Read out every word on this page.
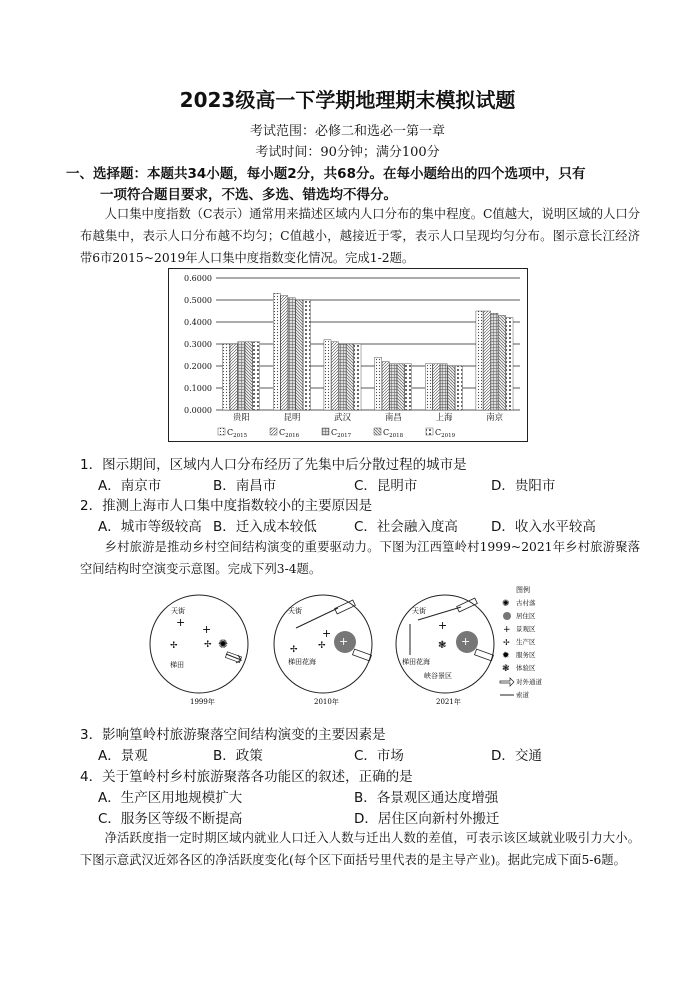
2023级高一下学期地理期末模拟试题
考试范围：必修二和选必一第一章
考试时间：90分钟；满分100分
一、选择题：本题共34小题，每小题2分，共68分。在每小题给出的四个选项中，只有
一项符合题目要求，不选、多选、错选均不得分。
人口集中度指数（C表示）通常用来描述区域内人口分布的集中程度。C值越大，说明区域的人口分布越集中，表示人口分布越不均匀；C值越小，越接近于零，表示人口呈现均匀分布。图示意长江经济带6市2015~2019年人口集中度指数变化情况。完成1-2题。
0.6000
0.5000
0.4000
0.3000
0.2000
0.1000
0.0000
贵阳	昆明	武汉	南昌	上海	南京
$C_{2015}$	$C_{2016}$	$C_{2017}$	$C_{2018}$	$C_{2019}$
1．图示期间，区域内人口分布经历了先集中后分散过程的城市是
A．南京市	B．南昌市	C．昆明市	D．贵阳市
2．推测上海市人口集中度指数较小的主要原因是
A．城市等级较高 B．迁入成本较低	C．社会融入度高 D．收入水平较高
乡村旅游是推动乡村空间结构演变的重要驱动力。下图为江西篁岭村1999~2021年乡村旅游聚落空间结构时空演变示意图。完成下列3-4题。
天街
+
✢
+
✢ ✺
梯田
1999年
天街
+
+
✢
✢
梯田花海
2010年
天街
+
+
❃
梯田花海
峡谷景区
2021年
图例
✺ 古村落
居住区
+ 景观区
✢ 生产区
✹ 服务区
❃ 体验区
对外通道
索道
3．影响篁岭村旅游聚落空间结构演变的主要因素是
A．景观	B．政策	C．市场	D．交通
4．关于篁岭村乡村旅游聚落各功能区的叙述，正确的是
A．生产区用地规模扩大	B．各景观区通达度增强
C．服务区等级不断提高	D．居住区向新村外搬迁
净活跃度指一定时期区域内就业人口迁入人数与迁出人数的差值，可表示该区域就业吸引力大小。下图示意武汉近郊各区的净活跃度变化(每个区下面括号里代表的是主导产业)。据此完成下面5-6题。
